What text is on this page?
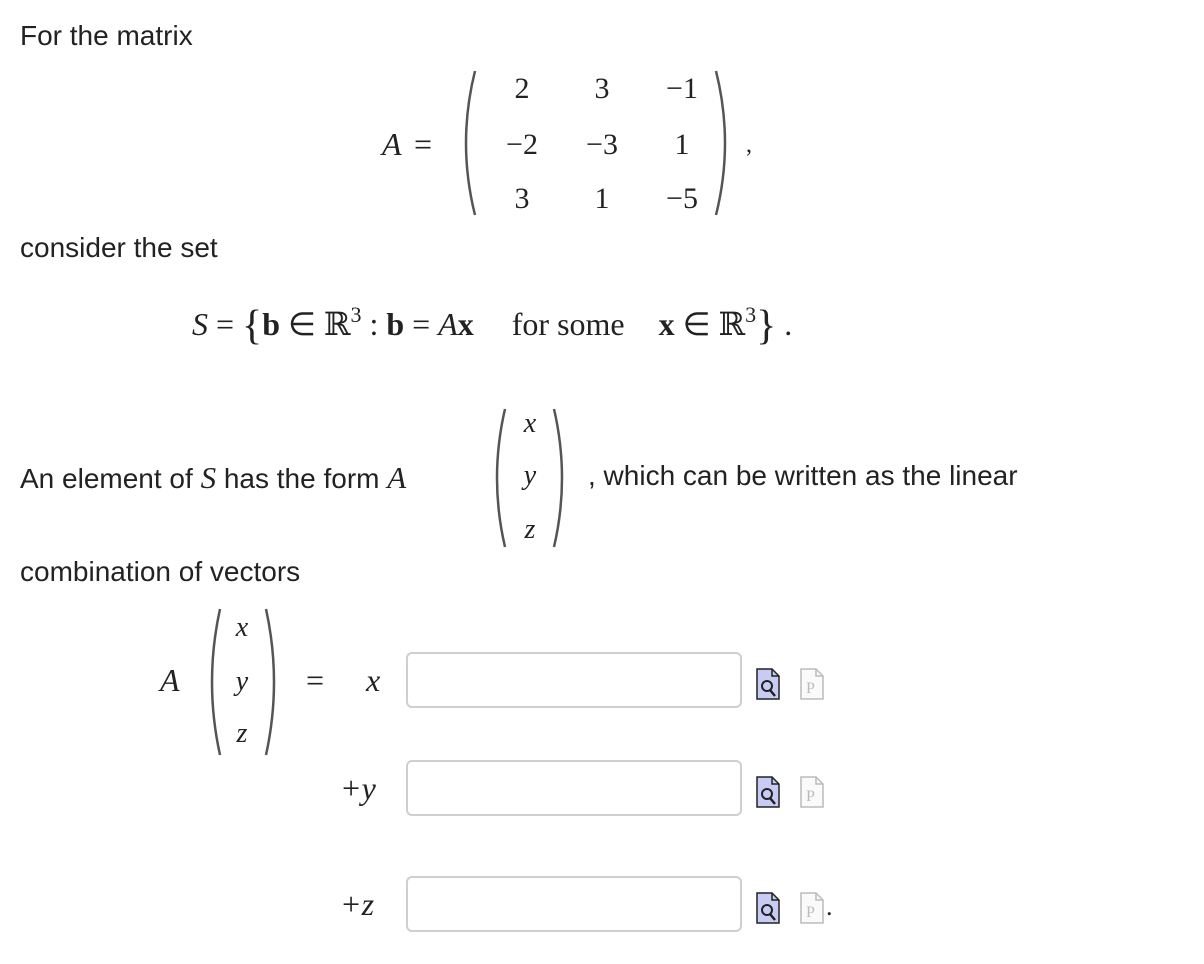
For the matrix
A =
2	3	−1
−2	−3	1
3	1	−5
,
consider the set
S = {b ∈ ℝ$^3$ : b = Ax for some x ∈ ℝ$^3$} .
An element of S has the form A
x
y
z
, which can be written as the linear
combination of vectors
A
x
y
z
= x	P
+y	P
+z	P .
